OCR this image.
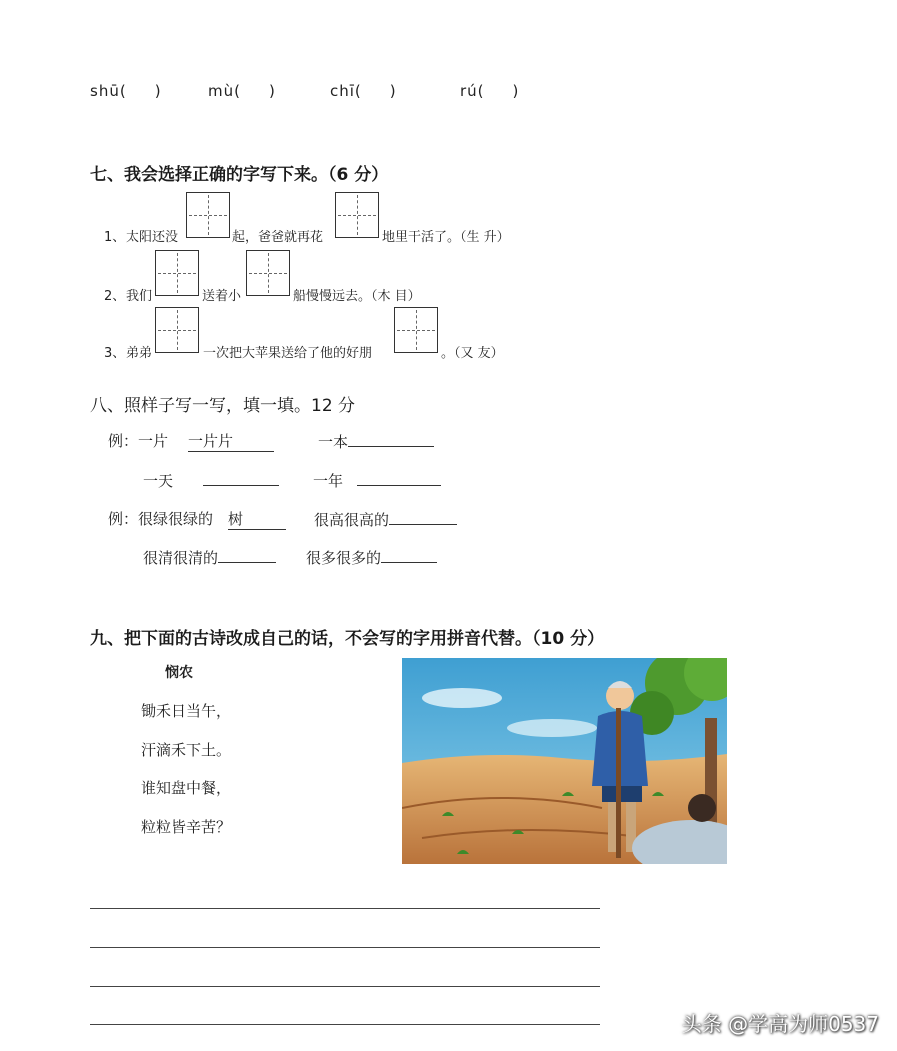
shū( )	mù( )	chī( )	rú( )
七、我会选择正确的字写下来。（6 分）
1、 太阳还没	起，爸爸就再花	地里干活了。（生 升）
2、 我们	送着小	船慢慢远去。（木 目）
3、 弟弟	一次把大苹果送给了他的好朋	。（又 友）
八、照样子写一写，填一填。12 分
例：一片 一片片	一本
一天	一年
例：很绿很绿的 树	很高很高的
很清很清的	很多很多的
九、把下面的古诗改成自己的话，不会写的字用拼音代替。（10 分）
悯农
锄禾日当午，
汗滴禾下土。
谁知盘中餐，
粒粒皆辛苦？
头条 @学高为师0537
